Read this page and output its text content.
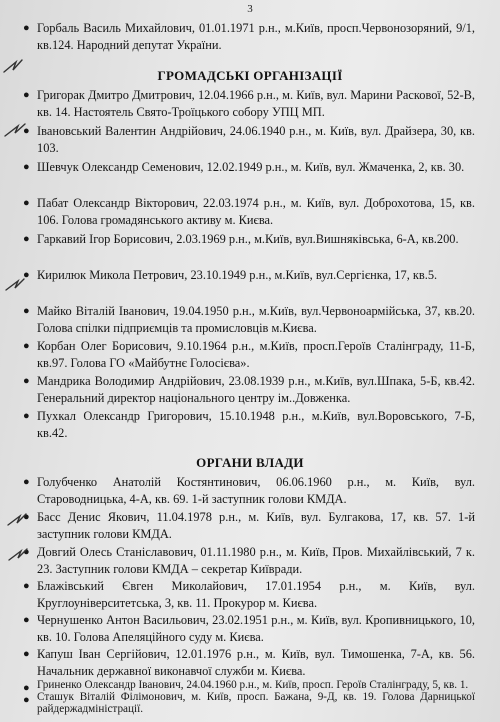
3
● Горбаль Василь Михайлович, 01.01.1971 р.н., м.Київ, просп.Червонозоряний, 9/1, кв.124. Народний депутат України.
ГРОМАДСЬКІ ОРГАНІЗАЦІЇ
● Григорак Дмитро Дмитрович, 12.04.1966 р.н., м. Київ, вул. Марини Раскової, 52-В, кв. 14. Настоятель Свято-Троїцького собору УПЦ МП.
● Івановський Валентин Андрійович, 24.06.1940 р.н., м. Київ, вул. Драйзера, 30, кв. 103.
● Шевчук Олександр Семенович, 12.02.1949 р.н., м. Київ, вул. Жмаченка, 2, кв. 30.
● Пабат Олександр Вікторович, 22.03.1974 р.н., м. Київ, вул. Доброхотова, 15, кв. 106. Голова громадянського активу м. Києва.
● Гаркавий Ігор Борисович, 2.03.1969 р.н., м.Київ, вул.Вишняківська, 6-А, кв.200.
● Кирилюк Микола Петрович, 23.10.1949 р.н., м.Київ, вул.Сергієнка, 17, кв.5.
● Майко Віталій Іванович, 19.04.1950 р.н., м.Київ, вул.Червоноармійська, 37, кв.20. Голова спілки підприємців та промисловців м.Києва.
● Корбан Олег Борисович, 9.10.1964 р.н., м.Київ, просп.Героїв Сталінграду, 11-Б, кв.97. Голова ГО «Майбутнє Голосієва».
● Мандрика Володимир Андрійович, 23.08.1939 р.н., м.Київ, вул.Шпака, 5-Б, кв.42. Генеральний директор національного центру ім..Довженка.
● Пухкал Олександр Григорович, 15.10.1948 р.н., м.Київ, вул.Воровського, 7-Б, кв.42.
ОРГАНИ ВЛАДИ
● Голубченко Анатолій Костянтинович, 06.06.1960 р.н., м. Київ, вул. Староводницька, 4-А, кв. 69. 1-й заступник голови КМДА.
● Басс Денис Якович, 11.04.1978 р.н., м. Київ, вул. Булгакова, 17, кв. 57. 1-й заступник голови КМДА.
● Довгий Олесь Станіславович, 01.11.1980 р.н., м. Київ, Пров. Михайлівський, 7 к. 23. Заступник голови КМДА – секретар Київради.
● Блажівський Євген Миколайович, 17.01.1954 р.н., м. Київ, вул. Круглоуніверситетська, 3, кв. 11. Прокурор м. Києва.
● Чернушенко Антон Васильович, 23.02.1951 р.н., м. Київ, вул. Кропивницького, 10, кв. 10. Голова Апеляційного суду м. Києва.
● Капуш Іван Сергійович, 12.01.1976 р.н., м. Київ, вул. Тимошенка, 7-А, кв. 56. Начальник державної виконавчої служби м. Києва.
● Гриненко Олександр Іванович, 24.04.1960 р.н., м. Київ, просп. Героїв Сталінграду, 5, кв. 1.
● Сташук Віталій Філімонович, м. Київ, просп. Бажана, 9-Д, кв. 19. Голова Дарницької райдержадміністрації.
